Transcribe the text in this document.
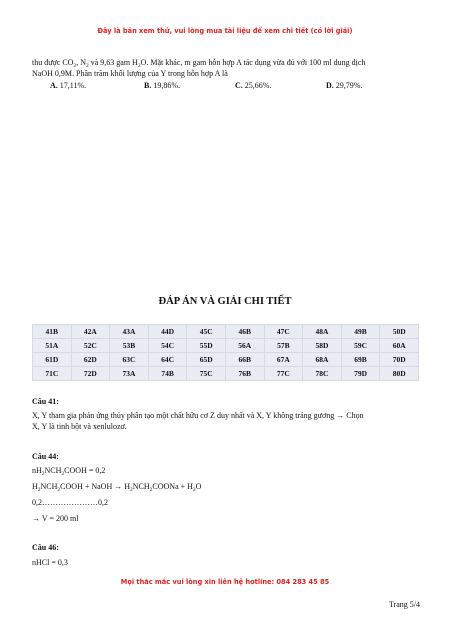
Đây là bản xem thử, vui lòng mua tài liệu để xem chi tiết (có lời giải)
thu được $CO_2$, $N_2$ và 9,63 gam $H_2O$. Mặt khác, m gam hỗn hợp A tác dụng vừa đủ với 100 ml dung dịch
NaOH 0,9M. Phần trăm khối lượng của Y trong hỗn hợp A là
A. 17,11%.	B. 19,86%.	C. 25,66%.	D. 29,79%.
ĐÁP ÁN VÀ GIẢI CHI TIẾT
41B	42A	43A	44D	45C	46B	47C	48A	49B	50D
51A	52C	53B	54C	55D	56A	57B	58D	59C	60A
61D	62D	63C	64C	65D	66B	67A	68A	69B	70D
71C	72D	73A	74B	75C	76B	77C	78C	79D	80D
Câu 41:
X, Y tham gia phản ứng thủy phân tạo một chất hữu cơ Z duy nhất và X, Y không tráng gương → Chọn
X, Y là tinh bột và xenlulozơ.
Câu 44:
$nH_2NCH_2COOH = 0,2$
$H_2NCH_2COOH$ + NaOH → $H_2NCH_2COONa + H_2O$
0,2…………………0,2
→ V = 200 ml
Câu 46:
nHCl = 0,3
Mọi thắc mắc vui lòng xin liên hệ hotline: 084 283 45 85
Trang 5/4
